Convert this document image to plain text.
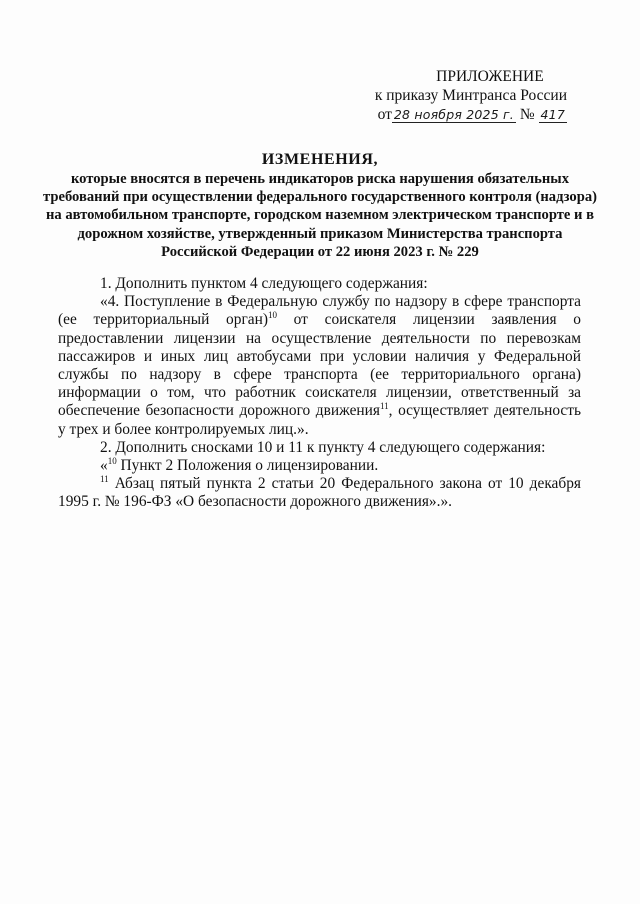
ПРИЛОЖЕНИЕ
к приказу Минтранса России
от 28 ноября 2025 г. № 417
ИЗМЕНЕНИЯ,
которые вносятся в перечень индикаторов риска нарушения обязательных требований при осуществлении федерального государственного контроля (надзора) на автомобильном транспорте, городском наземном электрическом транспорте и в дорожном хозяйстве, утвержденный приказом Министерства транспорта Российской Федерации от 22 июня 2023 г. № 229

1. Дополнить пунктом 4 следующего содержания:

«4. Поступление в Федеральную службу по надзору в сфере транспорта (ее территориальный орган)$^{10}$ от соискателя лицензии заявления о предоставлении лицензии на осуществление деятельности по перевозкам пассажиров и иных лиц автобусами при условии наличия у Федеральной службы по надзору в сфере транспорта (ее территориального органа) информации о том, что работник соискателя лицензии, ответственный за обеспечение безопасности дорожного движения$^{11}$, осуществляет деятельность у трех и более контролируемых лиц.».

2. Дополнить сносками 10 и 11 к пункту 4 следующего содержания:

«$^{10}$ Пункт 2 Положения о лицензировании.

$^{11}$ Абзац пятый пункта 2 статьи 20 Федерального закона от 10 декабря 1995 г. № 196-ФЗ «О безопасности дорожного движения».».
